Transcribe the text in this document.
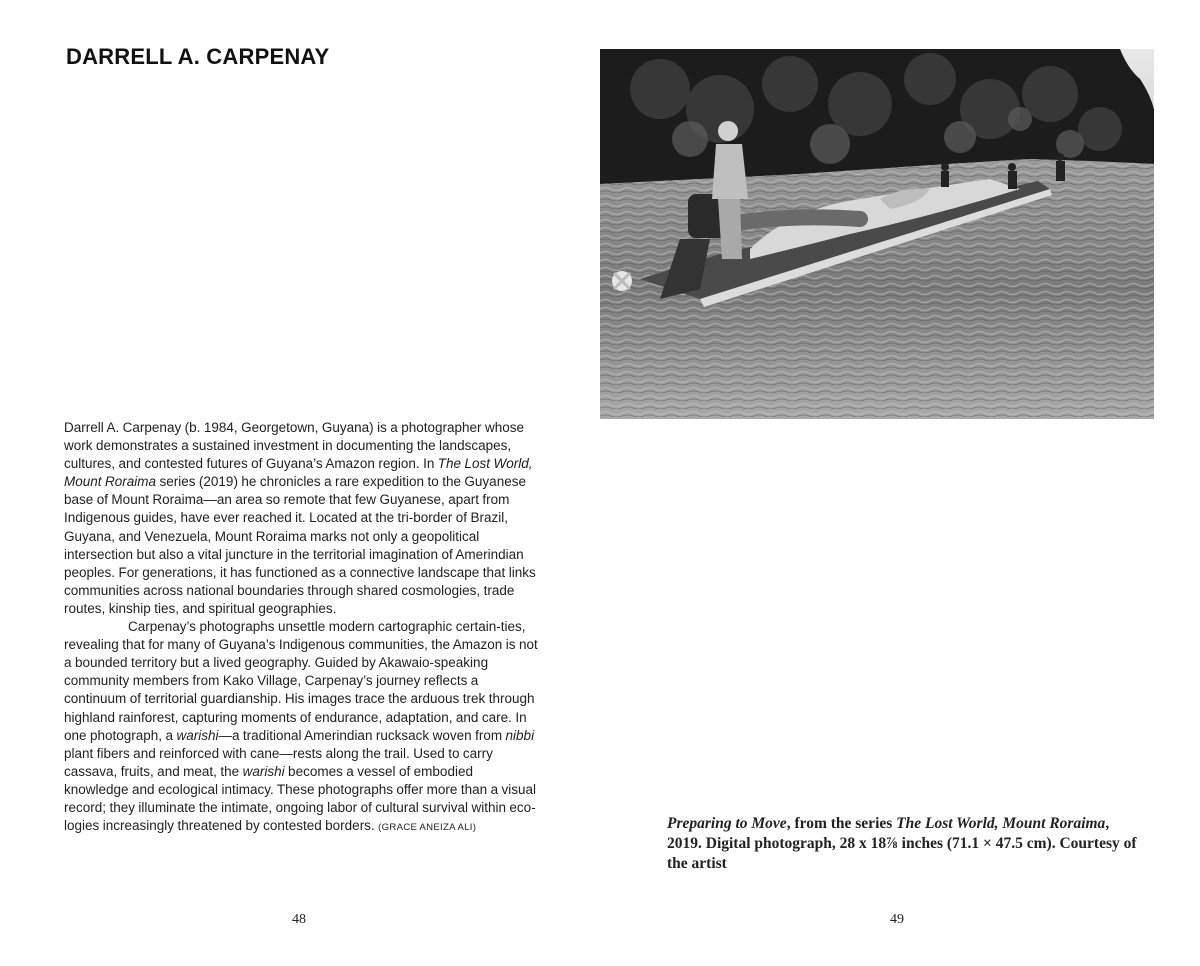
DARRELL A. CARPENAY

Darrell A. Carpenay (b. 1984, Georgetown, Guyana) is a photographer whose work demonstrates a sustained investment in documenting the landscapes, cultures, and contested futures of Guyana’s Amazon region. In The Lost World, Mount Roraima series (2019) he chronicles a rare expedition to the Guyanese base of Mount Roraima—an area so remote that few Guyanese, apart from Indigenous guides, have ever reached it. Located at the tri-border of Brazil, Guyana, and Venezuela, Mount Roraima marks not only a geopolitical intersection but also a vital juncture in the territorial imagination of Amerindian peoples. For generations, it has functioned as a connective landscape that links communities across national boundaries through shared cosmologies, trade routes, kinship ties, and spiritual geographies.

Carpenay’s photographs unsettle modern cartographic certain-ties, revealing that for many of Guyana’s Indigenous communities, the Amazon is not a bounded territory but a lived geography. Guided by Akawaio-speaking community members from Kako Village, Carpenay’s journey reflects a continuum of territorial guardianship. His images trace the arduous trek through highland rainforest, capturing moments of endurance, adaptation, and care. In one photograph, a warishi—a traditional Amerindian rucksack woven from nibbi plant fibers and reinforced with cane—rests along the trail. Used to carry cassava, fruits, and meat, the warishi becomes a vessel of embodied knowledge and ecological intimacy. These photographs offer more than a visual record; they illuminate the intimate, ongoing labor of cultural survival within eco-logies increasingly threatened by contested borders. (GRACE ANEIZA ALI)

48
Preparing to Move, from the series The Lost World, Mount Roraima, 2019. Digital photograph, 28 x 18⅞ inches (71.1 × 47.5 cm). Courtesy of the artist
49
